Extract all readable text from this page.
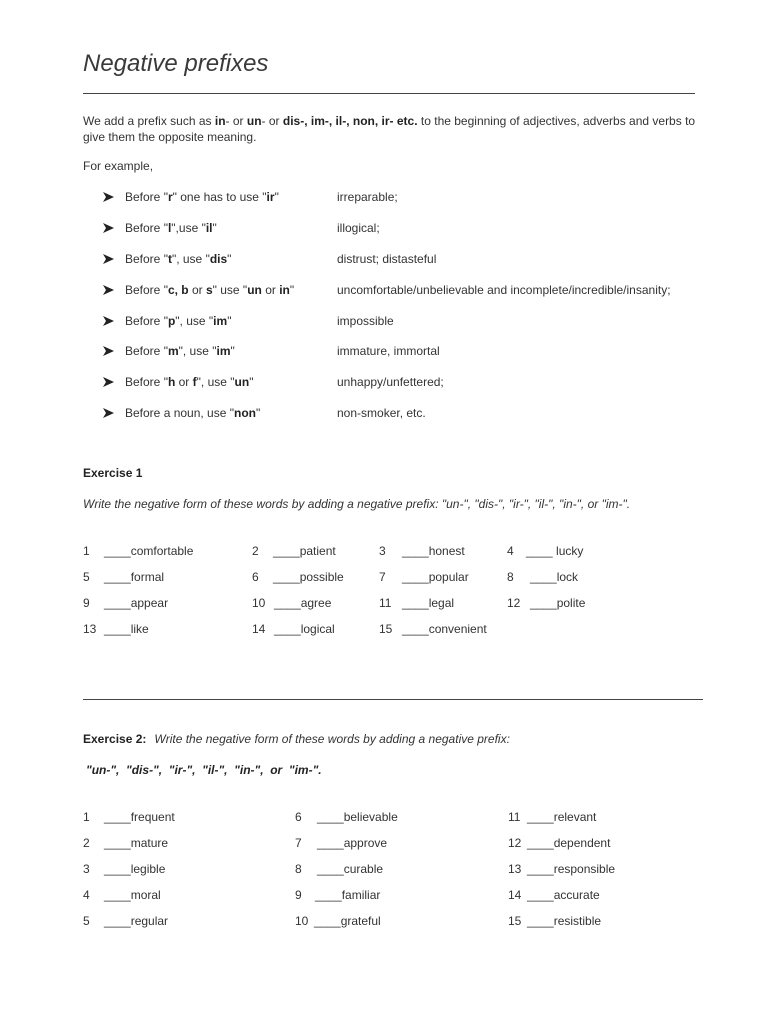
Negative prefixes
We add a prefix such as in- or un- or dis-, im-, il-, non, ir- etc. to the beginning of adjectives, adverbs and verbs to give them the opposite meaning.
For example,
Before "r" one has to use "ir"	irreparable;
Before "l",use "il"	illogical;
Before "t", use "dis"	distrust; distasteful
Before "c, b or s" use "un or in"	uncomfortable/unbelievable and incomplete/incredible/insanity;
Before "p", use "im"	impossible
Before "m", use "im"	immature, immortal
Before "h or f", use "un"	unhappy/unfettered;
Before a noun, use "non"	non-smoker, etc.
Exercise 1
Write the negative form of these words by adding a negative prefix: "un-", "dis-", "ir-", "il-", "in-", or "im-".
1 ____comfortable	2 ____patient	3 ____honest	4 ____ lucky
5 ____formal	6 ____possible	7 ____popular	8 ____lock
9 ____appear	10 ____agree	11 ____legal	12 ____polite
13 ____like	14 ____logical	15 ____convenient
Exercise 2: Write the negative form of these words by adding a negative prefix:
"un-",  "dis-",  "ir-",  "il-",  "in-",  or  "im-".
1 ____frequent
2 ____mature
3 ____legible
4 ____moral
5 ____regular
6 ____believable
7 ____approve
8 ____curable
9 ____familiar
10 ____grateful
11 ____relevant
12 ____dependent
13 ____responsible
14 ____accurate
15 ____resistible
